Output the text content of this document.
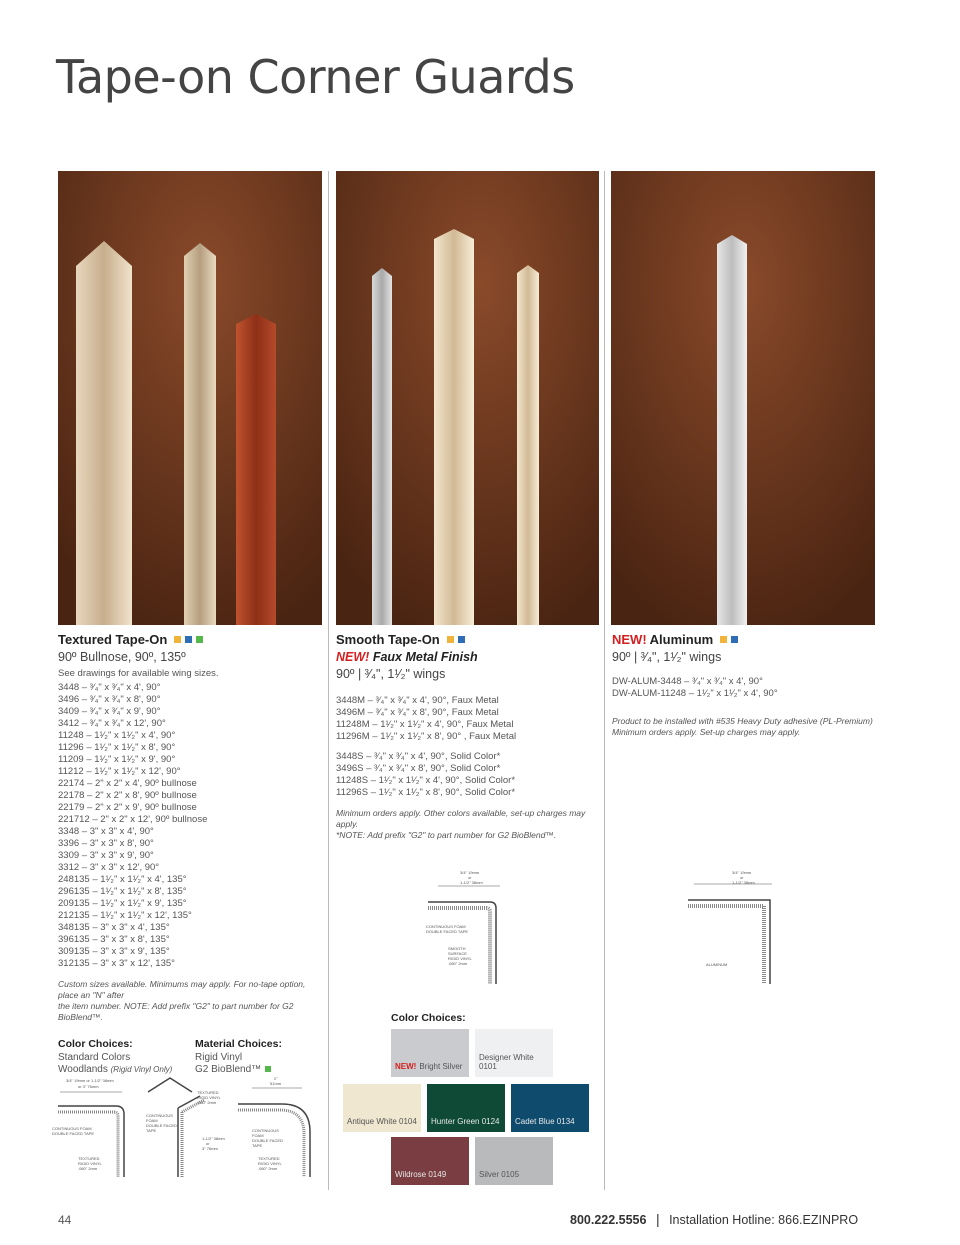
Tape-on Corner Guards
Textured Tape-On
90º Bullnose, 90º, 135º
See drawings for available wing sizes.
3448 – ³⁄₄" x ³⁄₄" x 4', 90°
3496 – ³⁄₄" x ³⁄₄" x 8', 90°
3409 – ³⁄₄" x ³⁄₄" x 9', 90°
3412 – ³⁄₄" x ³⁄₄" x 12', 90°
11248 – 1¹⁄₂" x 1¹⁄₂" x 4', 90°
11296 – 1¹⁄₂" x 1¹⁄₂" x 8', 90°
11209 – 1¹⁄₂" x 1¹⁄₂" x 9', 90°
11212 – 1¹⁄₂" x 1¹⁄₂" x 12', 90°
22174 – 2" x 2" x 4', 90º bullnose
22178 – 2" x 2" x 8', 90º bullnose
22179 – 2" x 2" x 9', 90º bullnose
221712 – 2" x 2" x 12', 90º bullnose
3348 – 3" x 3" x 4', 90°
3396 – 3" x 3" x 8', 90°
3309 – 3" x 3" x 9', 90°
3312 – 3" x 3" x 12', 90°
248135 – 1¹⁄₂" x 1¹⁄₂" x 4', 135°
296135 – 1¹⁄₂" x 1¹⁄₂" x 8', 135°
209135 – 1¹⁄₂" x 1¹⁄₂" x 9', 135°
212135 – 1¹⁄₂" x 1¹⁄₂" x 12', 135°
348135 – 3" x 3" x 4', 135°
396135 – 3" x 3" x 8', 135°
309135 – 3" x 3" x 9', 135°
312135 – 3" x 3" x 12', 135°
Custom sizes available. Minimums may apply. For no-tape option, place an "N" after
the item number. NOTE: Add prefix "G2" to part number for G2 BioBlend™.
Color Choices:
Standard Colors
Woodlands (Rigid Vinyl Only)
Material Choices:
Rigid Vinyl
G2 BioBlend™
3/4" 19mm or 1-1/2" 38mm
or 3" 76mm
CONTINUOUS FOAM
DOUBLE FACED TAPE
TEXTURED
RIGID VINYL
.060" 2mm
TEXTURED
RIGID VINYL
.060" 2mm
CONTINUOUS
FOAM
DOUBLE FACED
TAPE
1-1/2" 38mm
or
3" 76mm
2"
51mm
CONTINUOUS
FOAM
DOUBLE FACED
TAPE
TEXTURED
RIGID VINYL
.060" 2mm
Smooth Tape-On
NEW! Faux Metal Finish
90º | ³⁄₄", 1¹⁄₂" wings
3448M – ³⁄₄" x ³⁄₄" x 4', 90°, Faux Metal
3496M – ³⁄₄" x ³⁄₄" x 8', 90°, Faux Metal
11248M – 1¹⁄₂" x 1¹⁄₂" x 4', 90°, Faux Metal
11296M – 1¹⁄₂" x 1¹⁄₂" x 8', 90° , Faux Metal
3448S – ³⁄₄" x ³⁄₄" x 4', 90°, Solid Color*
3496S – ³⁄₄" x ³⁄₄" x 8', 90°, Solid Color*
11248S – 1¹⁄₂" x 1¹⁄₂" x 4', 90°, Solid Color*
11296S – 1¹⁄₂" x 1¹⁄₂" x 8', 90°, Solid Color*
Minimum orders apply. Other colors available, set-up charges may apply.
*NOTE: Add prefix "G2" to part number for G2 BioBlend™.
3/4" 19mm
or
1-1/2" 38mm
CONTINUOUS FOAM
DOUBLE FACED TAPE
SMOOTH
SURFACE
RIGID VINYL
.080" 2mm
Color Choices:
NEW! Bright Silver
Designer White 0101
Antique White 0104 Hunter Green 0124 Cadet Blue 0134
Wildrose 0149	Silver 0105
NEW! Aluminum
90º | ³⁄₄", 1¹⁄₂" wings
DW-ALUM-3448 – ³⁄₄" x ³⁄₄" x 4', 90°
DW-ALUM-11248 – 1¹⁄₂" x 1¹⁄₂" x 4', 90°
Product to be installed with #535 Heavy Duty adhesive (PL-Premium)
Minimum orders apply. Set-up charges may apply.
3/4" 19mm
or
1-1/2" 38mm
ALUMINUM
44	800.222.5556 | Installation Hotline: 866.EZINPRO
